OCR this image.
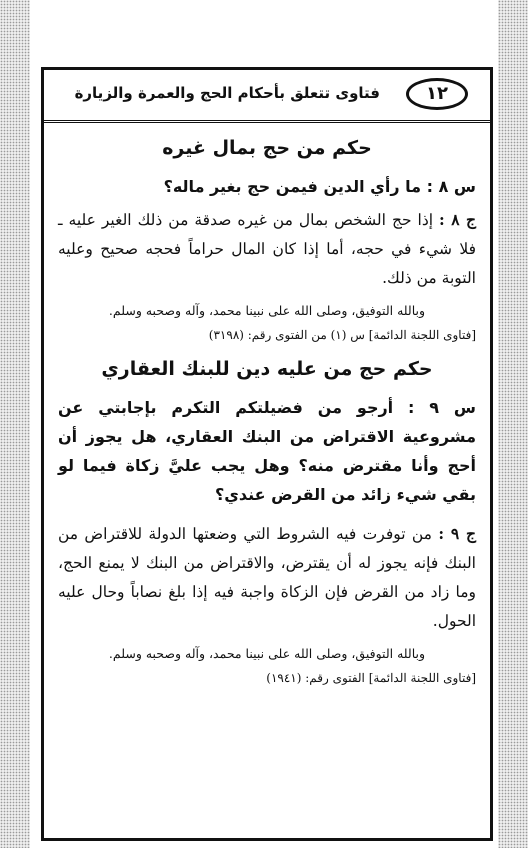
فتاوى تتعلق بأحكام الحج والعمرة والزيارة	١٢
حكم من حج بمال غيره

س ٨ : ما رأي الدين فيمن حج بغير ماله؟

ج ٨ : إذا حج الشخص بمال من غيره صدقة من ذلك الغير عليه ـ فلا شيء في حجه، أما إذا كان المال حراماً فحجه صحيح وعليه التوبة من ذلك.

وبالله التوفيق، وصلى الله على نبينا محمد، وآله وصحبه وسلم.

[فتاوى اللجنة الدائمة] س (١) من الفتوى رقم: (٣١٩٨)

حكم حج من عليه دين للبنك العقاري

س ٩ : أرجو من فضيلتكم التكرم بإجابتي عن مشروعية الاقتراض من البنك العقاري، هل يجوز أن أحج وأنا مقترض منه؟ وهل يجب عليَّ زكاة فيما لو بقي شيء زائد من القرض عندي؟

ج ٩ : من توفرت فيه الشروط التي وضعتها الدولة للاقتراض من البنك فإنه يجوز له أن يقترض، والاقتراض من البنك لا يمنع الحج، وما زاد من القرض فإن الزكاة واجبة فيه إذا بلغ نصاباً وحال عليه الحول.

وبالله التوفيق، وصلى الله على نبينا محمد، وآله وصحبه وسلم.

[فتاوى اللجنة الدائمة] الفتوى رقم: (١٩٤١)
